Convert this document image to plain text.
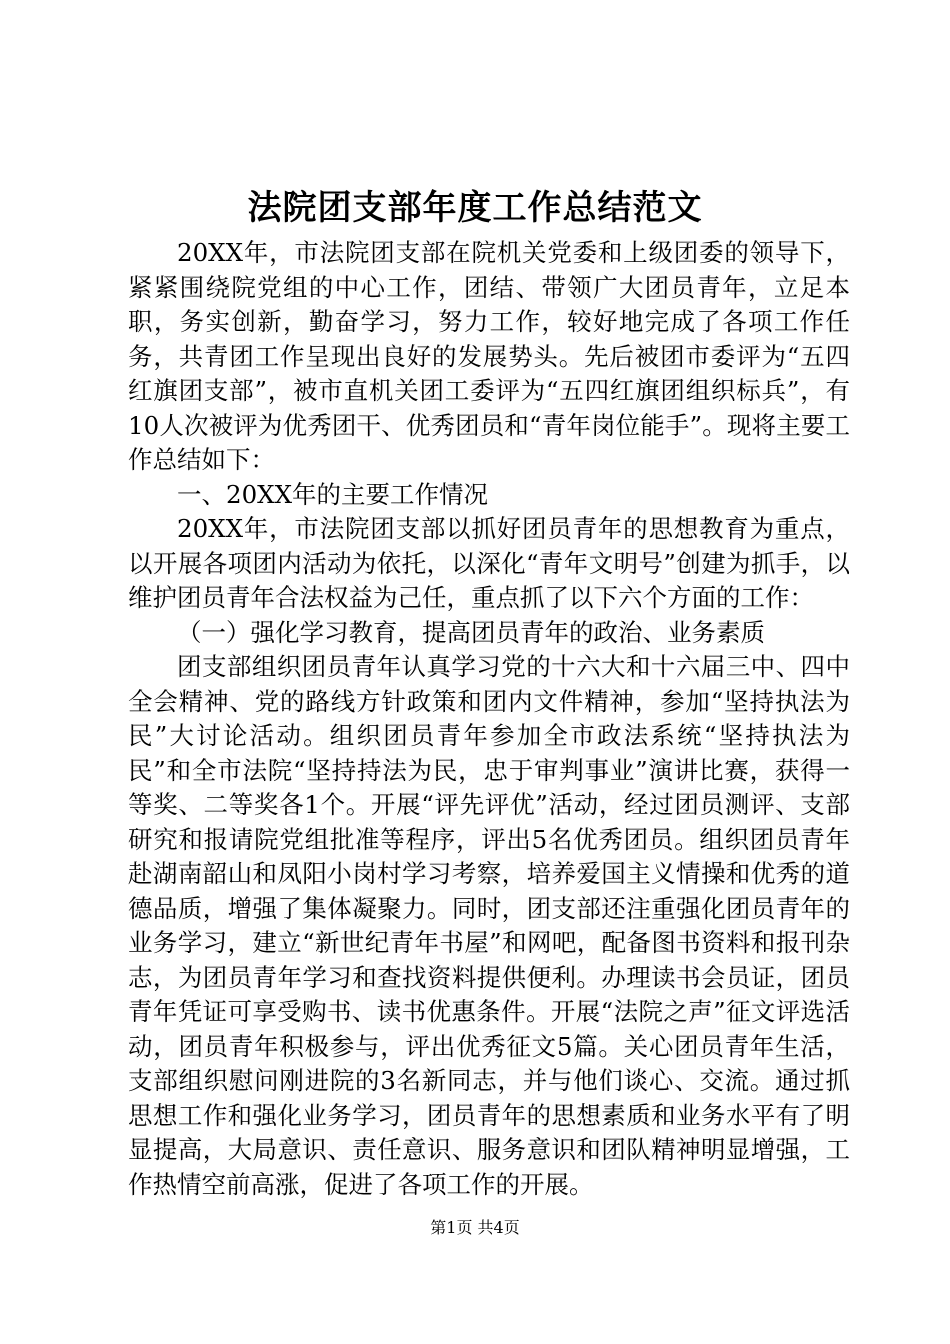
法院团支部年度工作总结范文

20XX年，市法院团支部在院机关党委和上级团委的领导下，紧紧围绕院党组的中心工作，团结、带领广大团员青年，立足本职，务实创新，勤奋学习，努力工作，较好地完成了各项工作任务，共青团工作呈现出良好的发展势头。先后被团市委评为“五四红旗团支部”，被市直机关团工委评为“五四红旗团组织标兵”，有10人次被评为优秀团干、优秀团员和“青年岗位能手”。现将主要工作总结如下：

一、20XX年的主要工作情况

20XX年，市法院团支部以抓好团员青年的思想教育为重点，以开展各项团内活动为依托，以深化“青年文明号”创建为抓手，以维护团员青年合法权益为己任，重点抓了以下六个方面的工作：

（一）强化学习教育，提高团员青年的政治、业务素质

团支部组织团员青年认真学习党的十六大和十六届三中、四中全会精神、党的路线方针政策和团内文件精神，参加“坚持执法为民”大讨论活动。组织团员青年参加全市政法系统“坚持执法为民”和全市法院“坚持持法为民，忠于审判事业”演讲比赛，获得一等奖、二等奖各1个。开展“评先评优”活动，经过团员测评、支部研究和报请院党组批准等程序，评出5名优秀团员。组织团员青年赴湖南韶山和凤阳小岗村学习考察，培养爱国主义情操和优秀的道德品质，增强了集体凝聚力。同时，团支部还注重强化团员青年的业务学习，建立“新世纪青年书屋”和网吧，配备图书资料和报刊杂志，为团员青年学习和查找资料提供便利。办理读书会员证，团员青年凭证可享受购书、读书优惠条件。开展“法院之声”征文评选活动，团员青年积极参与，评出优秀征文5篇。关心团员青年生活，支部组织慰问刚进院的3名新同志，并与他们谈心、交流。通过抓思想工作和强化业务学习，团员青年的思想素质和业务水平有了明显提高，大局意识、责任意识、服务意识和团队精神明显增强，工作热情空前高涨，促进了各项工作的开展。

第1页 共4页
